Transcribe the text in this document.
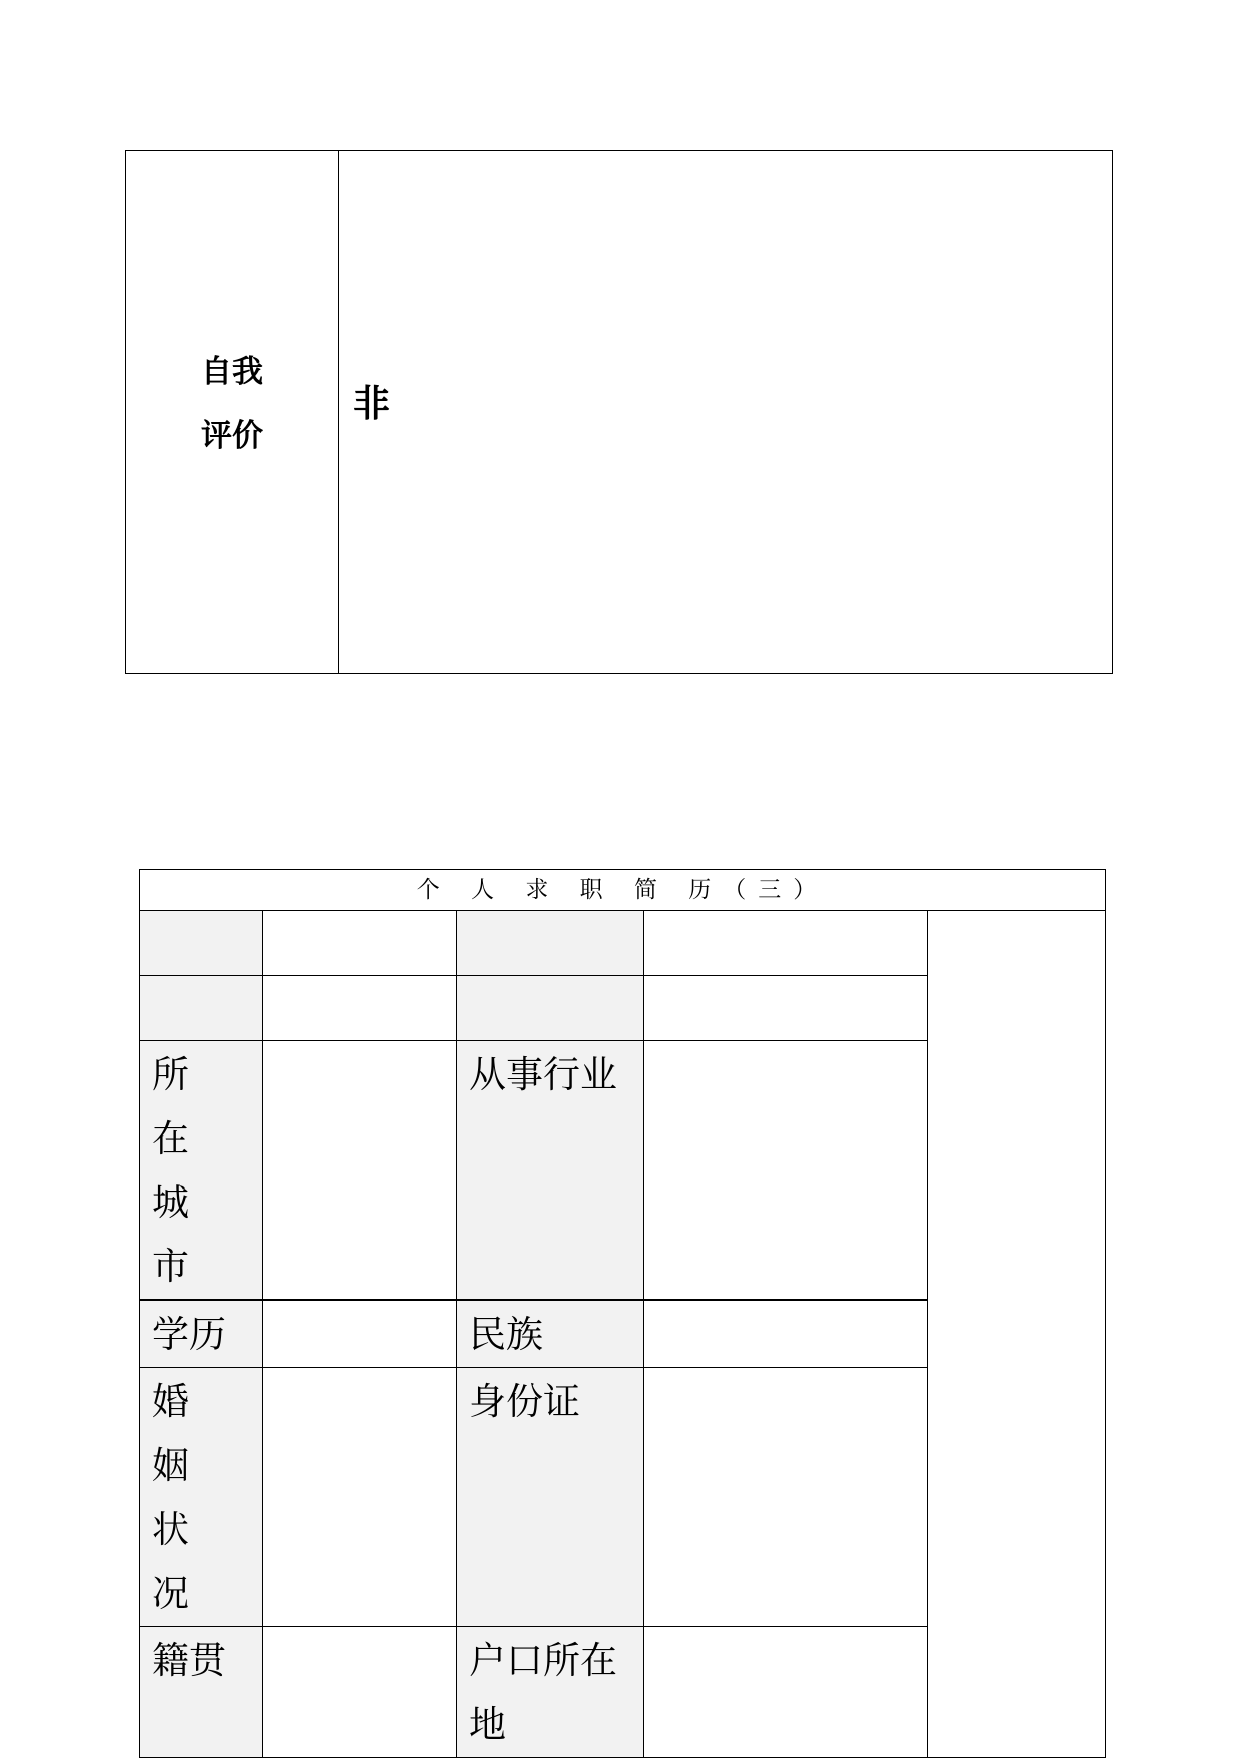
自我评价	非
个 人 求 职 简 历（三）				

所在城市		从事行业		

学历		民族		

婚姻状况		身份证		

籍贯		户口所在地		
